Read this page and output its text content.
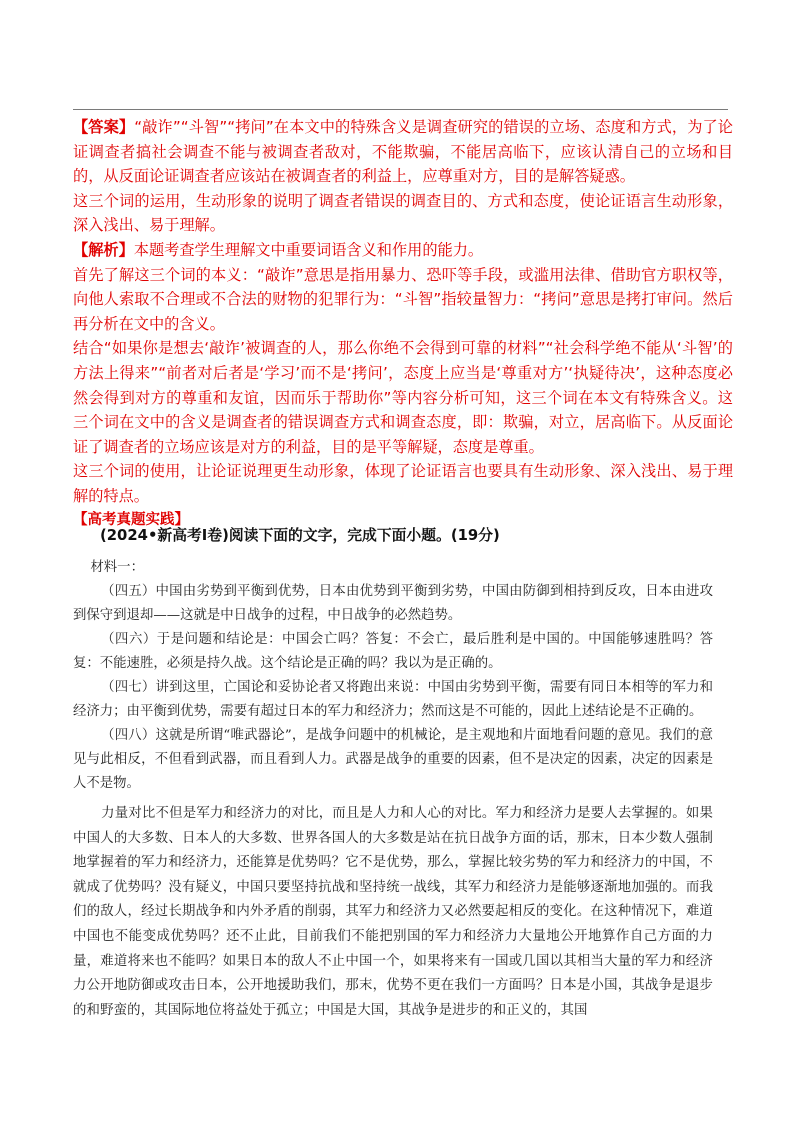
【答案】“敲诈”“斗智”“拷问”在本文中的特殊含义是调查研究的错误的立场、态度和方式，为了论证调查者搞社会调查不能与被调查者敌对，不能欺骗，不能居高临下，应该认清自己的立场和目的，从反面论证调查者应该站在被调查者的利益上，应尊重对方，目的是解答疑惑。

这三个词的运用，生动形象的说明了调查者错误的调查目的、方式和态度，使论证语言生动形象，深入浅出、易于理解。

【解析】本题考查学生理解文中重要词语含义和作用的能力。

首先了解这三个词的本义：“敲诈”意思是指用暴力、恐吓等手段，或滥用法律、借助官方职权等，向他人索取不合理或不合法的财物的犯罪行为：“斗智”指较量智力：“拷问”意思是拷打审问。然后再分析在文中的含义。

结合“如果你是想去‘敲诈’被调查的人，那么你绝不会得到可靠的材料”“社会科学绝不能从‘斗智’的方法上得来”“前者对后者是‘学习’而不是‘拷问’，态度上应当是‘尊重对方’‘执疑待决’，这种态度必然会得到对方的尊重和友谊，因而乐于帮助你”等内容分析可知，这三个词在本文有特殊含义。这三个词在文中的含义是调查者的错误调查方式和调查态度，即：欺骗，对立，居高临下。从反面论证了调查者的立场应该是对方的利益，目的是平等解疑，态度是尊重。

这三个词的使用，让论证说理更生动形象，体现了论证语言也要具有生动形象、深入浅出、易于理解的特点。

【高考真题实践】
(2024•新高考Ⅰ卷)阅读下面的文字，完成下面小题。(19分)

材料一：

（四五）中国由劣势到平衡到优势，日本由优势到平衡到劣势，中国由防御到相持到反攻，日本由进攻到保守到退却——这就是中日战争的过程，中日战争的必然趋势。

（四六）于是问题和结论是：中国会亡吗？答复：不会亡，最后胜利是中国的。中国能够速胜吗？答复：不能速胜，必须是持久战。这个结论是正确的吗？我以为是正确的。

（四七）讲到这里，亡国论和妥协论者又将跑出来说：中国由劣势到平衡，需要有同日本相等的军力和经济力；由平衡到优势，需要有超过日本的军力和经济力；然而这是不可能的，因此上述结论是不正确的。

（四八）这就是所谓“唯武器论”，是战争问题中的机械论，是主观地和片面地看问题的意见。我们的意见与此相反，不但看到武器，而且看到人力。武器是战争的重要的因素，但不是决定的因素，决定的因素是人不是物。

力量对比不但是军力和经济力的对比，而且是人力和人心的对比。军力和经济力是要人去掌握的。如果中国人的大多数、日本人的大多数、世界各国人的大多数是站在抗日战争方面的话，那末，日本少数人强制地掌握着的军力和经济力，还能算是优势吗？它不是优势，那么，掌握比较劣势的军力和经济力的中国，不就成了优势吗？没有疑义，中国只要坚持抗战和坚持统一战线，其军力和经济力是能够逐渐地加强的。而我们的敌人，经过长期战争和内外矛盾的削弱，其军力和经济力又必然要起相反的变化。在这种情况下，难道中国也不能变成优势吗？还不止此，目前我们不能把别国的军力和经济力大量地公开地算作自己方面的力量，难道将来也不能吗？如果日本的敌人不止中国一个，如果将来有一国或几国以其相当大量的军力和经济力公开地防御或攻击日本，公开地援助我们，那末，优势不更在我们一方面吗？日本是小国，其战争是退步的和野蛮的，其国际地位将益处于孤立；中国是大国，其战争是进步的和正义的，其国
